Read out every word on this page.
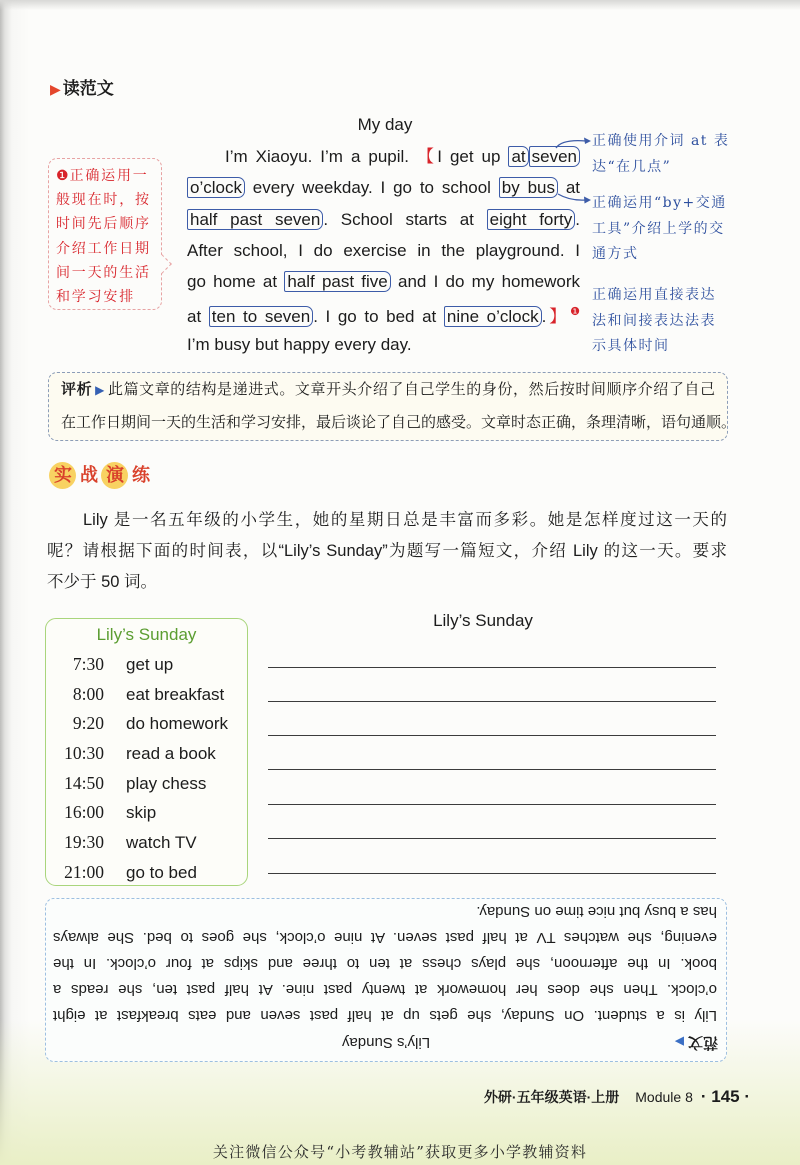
▶ 读范文
My day
I’m Xiaoyu. I’m a pupil. 【I get up at seven
o’clock every weekday. I go to school by bus at
half past seven . School starts at eight forty .
After school, I do exercise in the playground. I
go home at half past five and I do my homework
at ten to seven . I go to bed at nine o’clock .】$^❶$
I’m busy but happy every day.
❶正确运用一
般现在时，按
时间先后顺序
介绍工作日期
间一天的生活
和学习安排
正确使用介词 at 表
达“在几点”
正确运用“by+交通
工具”介绍上学的交
通方式
正确运用直接表达
法和间接表达法表
示具体时间
评析 ▶ 此篇文章的结构是递进式。文章开头介绍了自己学生的身份，然后按时间顺序介绍了自己
在工作日期间一天的生活和学习安排，最后谈论了自己的感受。文章时态正确，条理清晰，语句通顺。
实 战 演 练
Lily 是一名五年级的小学生，她的星期日总是丰富而多彩。她是怎样度过这一天的
呢？请根据下面的时间表，以“Lily’s Sunday”为题写一篇短文，介绍 Lily 的这一天。要求
不少于 50 词。
Lily’s Sunday
7:30 get up
8:00 eat breakfast
9:20 do homework
10:30 read a book
14:50 play chess
16:00 skip
19:30 watch TV
21:00 go to bed
Lily’s Sunday
Lily’s Sunday	范文▶
Lily is a student. On Sunday, she gets up at half past seven and eats breakfast at eight
o’clock. Then she does her homework at twenty past nine. At half past ten, she reads a
book. In the afternoon, she plays chess at ten to three and skips at four o’clock. In the
evening, she watches TV at half past seven. At nine o’clock, she goes to bed. She always
has a busy but nice time on Sunday.
外研·五年级英语·上册 Module 8 · 145 ·
关注微信公众号“小考教辅站”获取更多小学教辅资料
